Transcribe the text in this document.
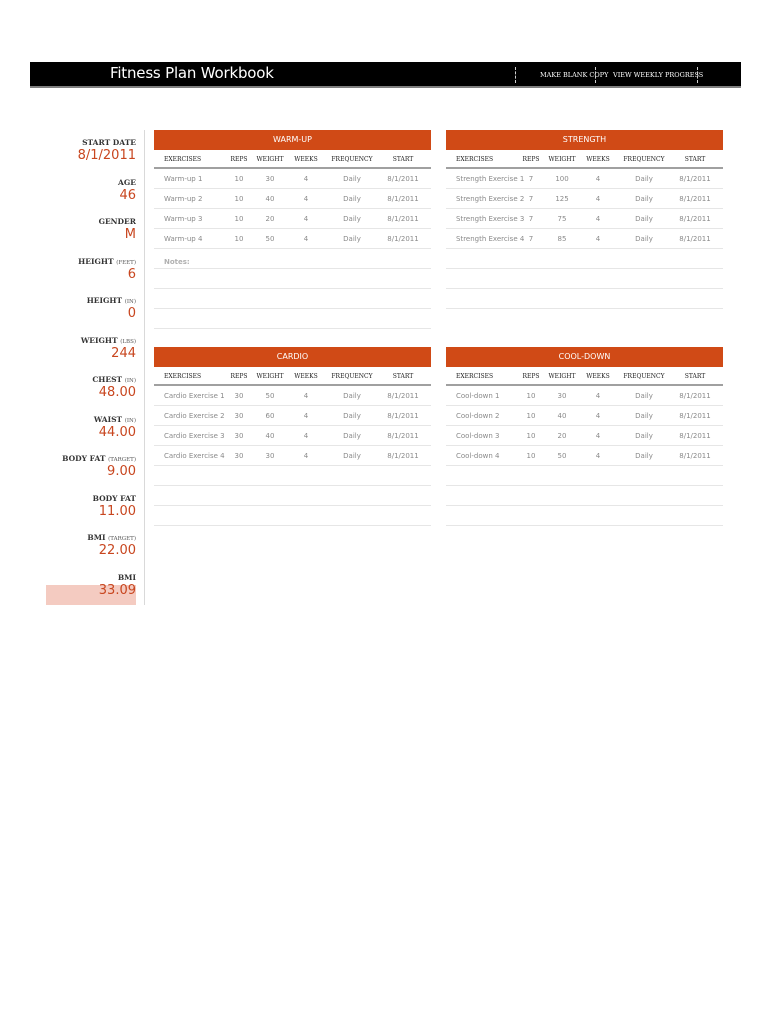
Fitness Plan Workbook	MAKE BLANK COPY VIEW WEEKLY PROGRESS
START DATE
8/1/2011
AGE
46
GENDER
M
HEIGHT (FEET)
6
HEIGHT (IN)
0
WEIGHT (LBS)
244
CHEST (IN)
48.00
WAIST (IN)
44.00
BODY FAT (TARGET)
9.00
BODY FAT
11.00
BMI (TARGET)
22.00
BMI
33.09
WARM-UP
EXERCISES	REPS	WEIGHT	WEEKS	FREQUENCY	START
Warm-up 1	10	30	4	Daily	8/1/2011
Warm-up 2	10	40	4	Daily	8/1/2011
Warm-up 3	10	20	4	Daily	8/1/2011
Warm-up 4	10	50	4	Daily	8/1/2011
Notes:
STRENGTH
EXERCISES	REPS	WEIGHT	WEEKS	FREQUENCY	START
Strength Exercise 1 7	100	4	Daily	8/1/2011
Strength Exercise 2 7	125	4	Daily	8/1/2011
Strength Exercise 3 7	75	4	Daily	8/1/2011
Strength Exercise 4 7	85	4	Daily	8/1/2011
CARDIO
EXERCISES	REPS	WEIGHT	WEEKS	FREQUENCY	START
Cardio Exercise 1	30	50	4	Daily	8/1/2011
Cardio Exercise 2	30	60	4	Daily	8/1/2011
Cardio Exercise 3	30	40	4	Daily	8/1/2011
Cardio Exercise 4	30	30	4	Daily	8/1/2011
COOL-DOWN
EXERCISES	REPS	WEIGHT	WEEKS	FREQUENCY	START
Cool-down 1	10	30	4	Daily	8/1/2011
Cool-down 2	10	40	4	Daily	8/1/2011
Cool-down 3	10	20	4	Daily	8/1/2011
Cool-down 4	10	50	4	Daily	8/1/2011
